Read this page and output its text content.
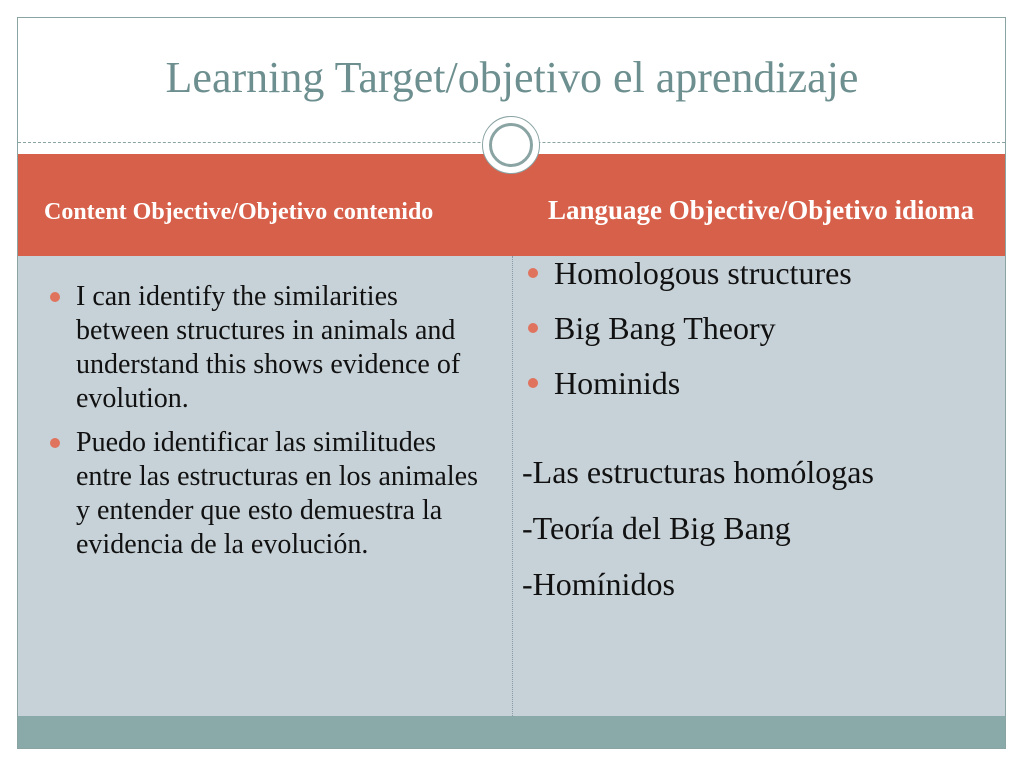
Learning Target/objetivo el aprendizaje
Content Objective/Objetivo contenido	Language Objective/Objetivo idioma
I can identify the similarities between structures in animals and understand this shows evidence of evolution.
Puedo identificar las similitudes entre las estructuras en los animales y entender que esto demuestra la evidencia de la evolución.
Homologous structures
Big Bang Theory
Hominids
-Las estructuras homólogas
-Teoría del Big Bang
-Homínidos
